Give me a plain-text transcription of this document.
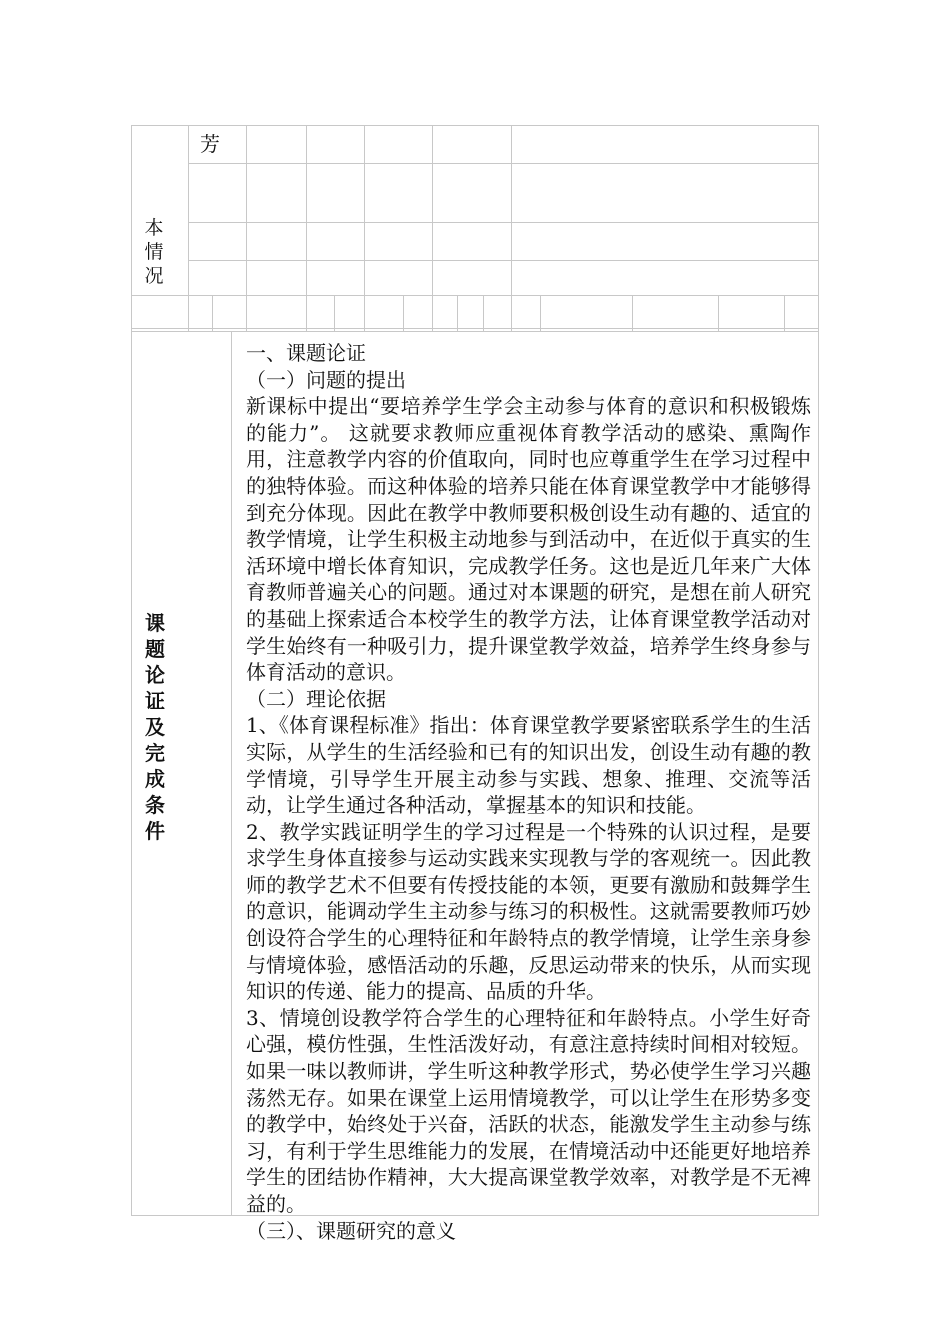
芳
本
情
况
课
题
论
证
及
完
成
条
件

一、课题论证

（一）问题的提出

新课标中提出“要培养学生学会主动参与体育的意识和积极锻炼的能力”。 这就要求教师应重视体育教学活动的感染、熏陶作用，注意教学内容的价值取向，同时也应尊重学生在学习过程中的独特体验。而这种体验的培养只能在体育课堂教学中才能够得到充分体现。因此在教学中教师要积极创设生动有趣的、适宜的教学情境，让学生积极主动地参与到活动中，在近似于真实的生活环境中增长体育知识，完成教学任务。这也是近几年来广大体育教师普遍关心的问题。通过对本课题的研究，是想在前人研究的基础上探索适合本校学生的教学方法，让体育课堂教学活动对学生始终有一种吸引力，提升课堂教学效益，培养学生终身参与体育活动的意识。

（二）理论依据

1、《体育课程标准》指出：体育课堂教学要紧密联系学生的生活实际，从学生的生活经验和已有的知识出发，创设生动有趣的教学情境，引导学生开展主动参与实践、想象、推理、交流等活动，让学生通过各种活动，掌握基本的知识和技能。

2、教学实践证明学生的学习过程是一个特殊的认识过程，是要求学生身体直接参与运动实践来实现教与学的客观统一。因此教师的教学艺术不但要有传授技能的本领，更要有激励和鼓舞学生的意识，能调动学生主动参与练习的积极性。这就需要教师巧妙创设符合学生的心理特征和年龄特点的教学情境，让学生亲身参与情境体验，感悟活动的乐趣，反思运动带来的快乐，从而实现知识的传递、能力的提高、品质的升华。

3、情境创设教学符合学生的心理特征和年龄特点。小学生好奇心强，模仿性强，生性活泼好动，有意注意持续时间相对较短。如果一味以教师讲，学生听这种教学形式，势必使学生学习兴趣荡然无存。如果在课堂上运用情境教学，可以让学生在形势多变的教学中，始终处于兴奋，活跃的状态，能激发学生主动参与练习，有利于学生思维能力的发展，在情境活动中还能更好地培养学生的团结协作精神，大大提高课堂教学效率，对教学是不无裨益的。

（三）、课题研究的意义
